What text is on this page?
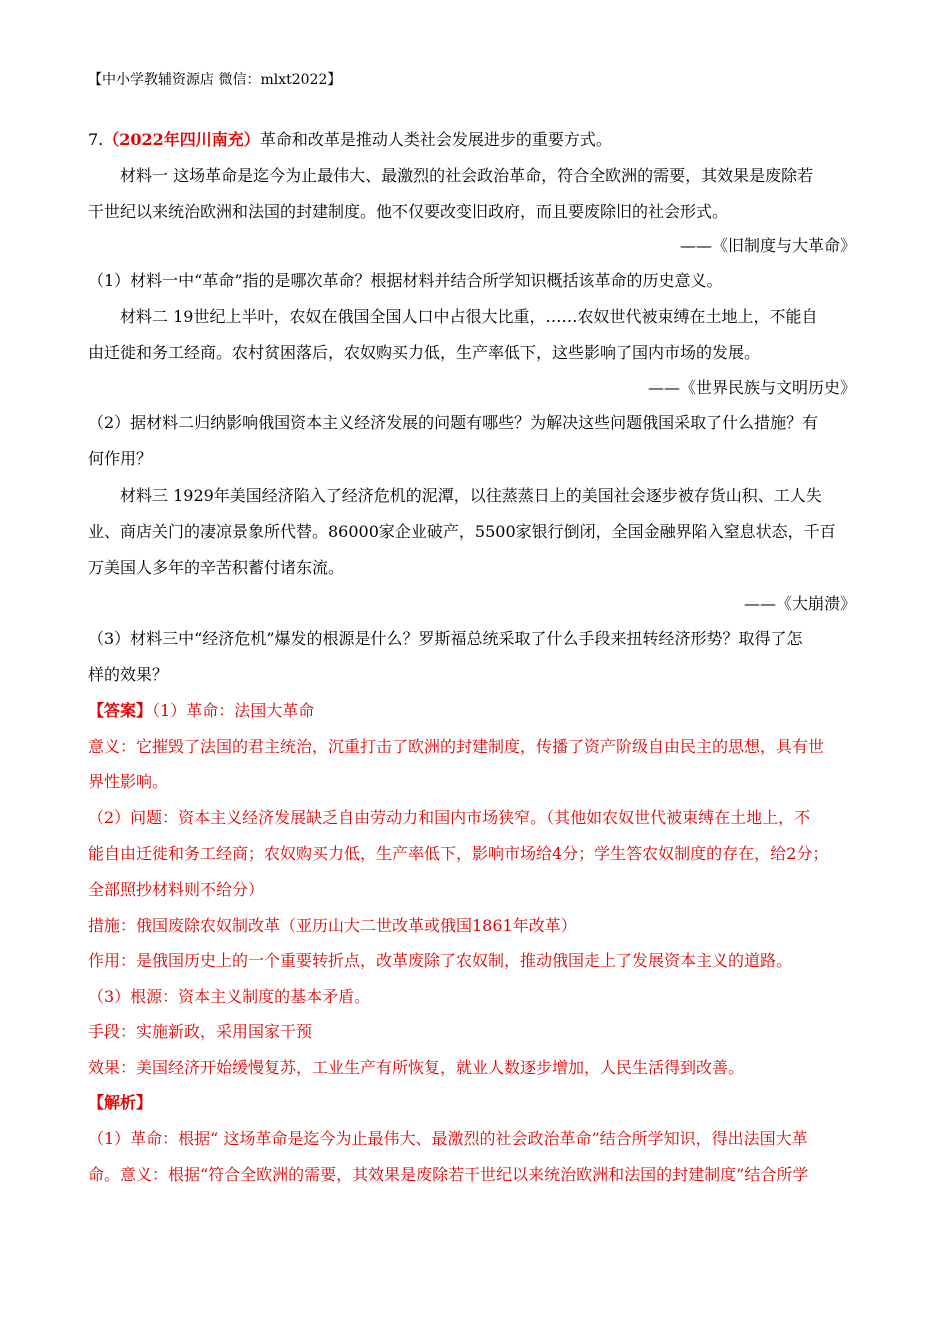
【中小学教辅资源店 微信：mlxt2022】
7.（2022年四川南充）革命和改革是推动人类社会发展进步的重要方式。
材料一 这场革命是迄今为止最伟大、最激烈的社会政治革命，符合全欧洲的需要，其效果是废除若
干世纪以来统治欧洲和法国的封建制度。他不仅要改变旧政府，而且要废除旧的社会形式。
——《旧制度与大革命》
（1）材料一中“革命”指的是哪次革命？根据材料并结合所学知识概括该革命的历史意义。
材料二 19世纪上半叶，农奴在俄国全国人口中占很大比重，……农奴世代被束缚在土地上，不能自
由迁徙和务工经商。农村贫困落后，农奴购买力低，生产率低下，这些影响了国内市场的发展。
——《世界民族与文明历史》
（2）据材料二归纳影响俄国资本主义经济发展的问题有哪些？为解决这些问题俄国采取了什么措施？有
何作用？
材料三 1929年美国经济陷入了经济危机的泥潭，以往蒸蒸日上的美国社会逐步被存货山积、工人失
业、商店关门的凄凉景象所代替。86000家企业破产，5500家银行倒闭，全国金融界陷入窒息状态，千百
万美国人多年的辛苦积蓄付诸东流。
——《大崩溃》
（3）材料三中“经济危机”爆发的根源是什么？罗斯福总统采取了什么手段来扭转经济形势？取得了怎
样的效果？
【答案】（1）革命：法国大革命
意义：它摧毁了法国的君主统治，沉重打击了欧洲的封建制度，传播了资产阶级自由民主的思想，具有世
界性影响。
（2）问题：资本主义经济发展缺乏自由劳动力和国内市场狭窄。（其他如农奴世代被束缚在土地上，不
能自由迁徙和务工经商；农奴购买力低，生产率低下，影响市场给4分；学生答农奴制度的存在，给2分；
全部照抄材料则不给分）
措施：俄国废除农奴制改革（亚历山大二世改革或俄国1861年改革）
作用：是俄国历史上的一个重要转折点，改革废除了农奴制，推动俄国走上了发展资本主义的道路。
（3）根源：资本主义制度的基本矛盾。
手段：实施新政，采用国家干预
效果：美国经济开始缓慢复苏，工业生产有所恢复，就业人数逐步增加，人民生活得到改善。
【解析】
（1）革命：根据“ 这场革命是迄今为止最伟大、最激烈的社会政治革命”结合所学知识，得出法国大革
命。意义：根据“符合全欧洲的需要，其效果是废除若干世纪以来统治欧洲和法国的封建制度”结合所学
